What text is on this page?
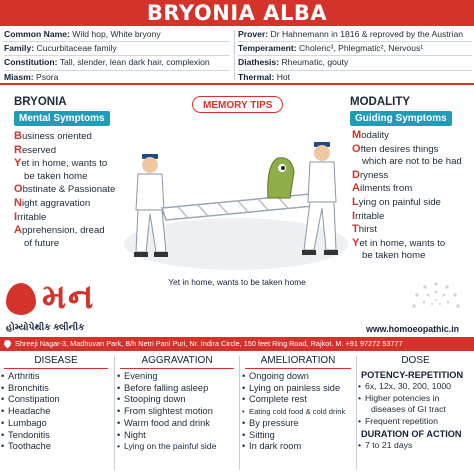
BRYONIA ALBA
Common Name: Wild hop, White bryony
Family: Cucurbitaceae family
Constitution: Tall, slender, lean dark hair, complexion
Miasm: Psora
Prover: Dr Hahnemann in 1816 & reproved by the Austrian
Temperament: Choleric³, Phlegmatic², Nervous¹
Diathesis: Rheumatic, gouty
Thermal: Hot
BRYONIA
Mental Symptoms
Business oriented
Reserved
Yet in home, wants to
be taken home
Obstinate & Passionate
Night aggravation
Irritable
Apprehension, dread
of future
MEMORY TIPS
Yet in home, wants to be taken home
MODALITY
Guiding Symptoms
Modality
Often desires things
which are not to be had
Dryness
Ailments from
Lying on painful side
Irritable
Thirst
Yet in home, wants to
be taken home
મન
હોમ્યોપેથીક ક્લીનીક	www.homoeopathic.in
Shreeji Nagar-3, Madhuvan Park, B/h Netri Pani Puri, Nr. Indira Circle, 150 feet Ring Road, Rajkot. M. +91 97272 53777
DISEASE
• Arthritis
• Bronchitis
• Constipation
• Headache
• Lumbago
• Tendonitis
• Toothache
AGGRAVATION
• Evening
• Before falling asleep
• Stooping down
• From slightest motion
• Warm food and drink
• Night
• Lying on the painful side
AMELIORATION
• Ongoing down
• Lying on painless side
• Complete rest
• Eating cold food & cold drink
• By pressure
• Sitting
• In dark room
DOSE
POTENCY-REPETITION
• 6x, 12x, 30, 200, 1000
• Higher potencies in
diseases of GI tract
• Frequent repetition
DURATION OF ACTION
• 7 to 21 days
